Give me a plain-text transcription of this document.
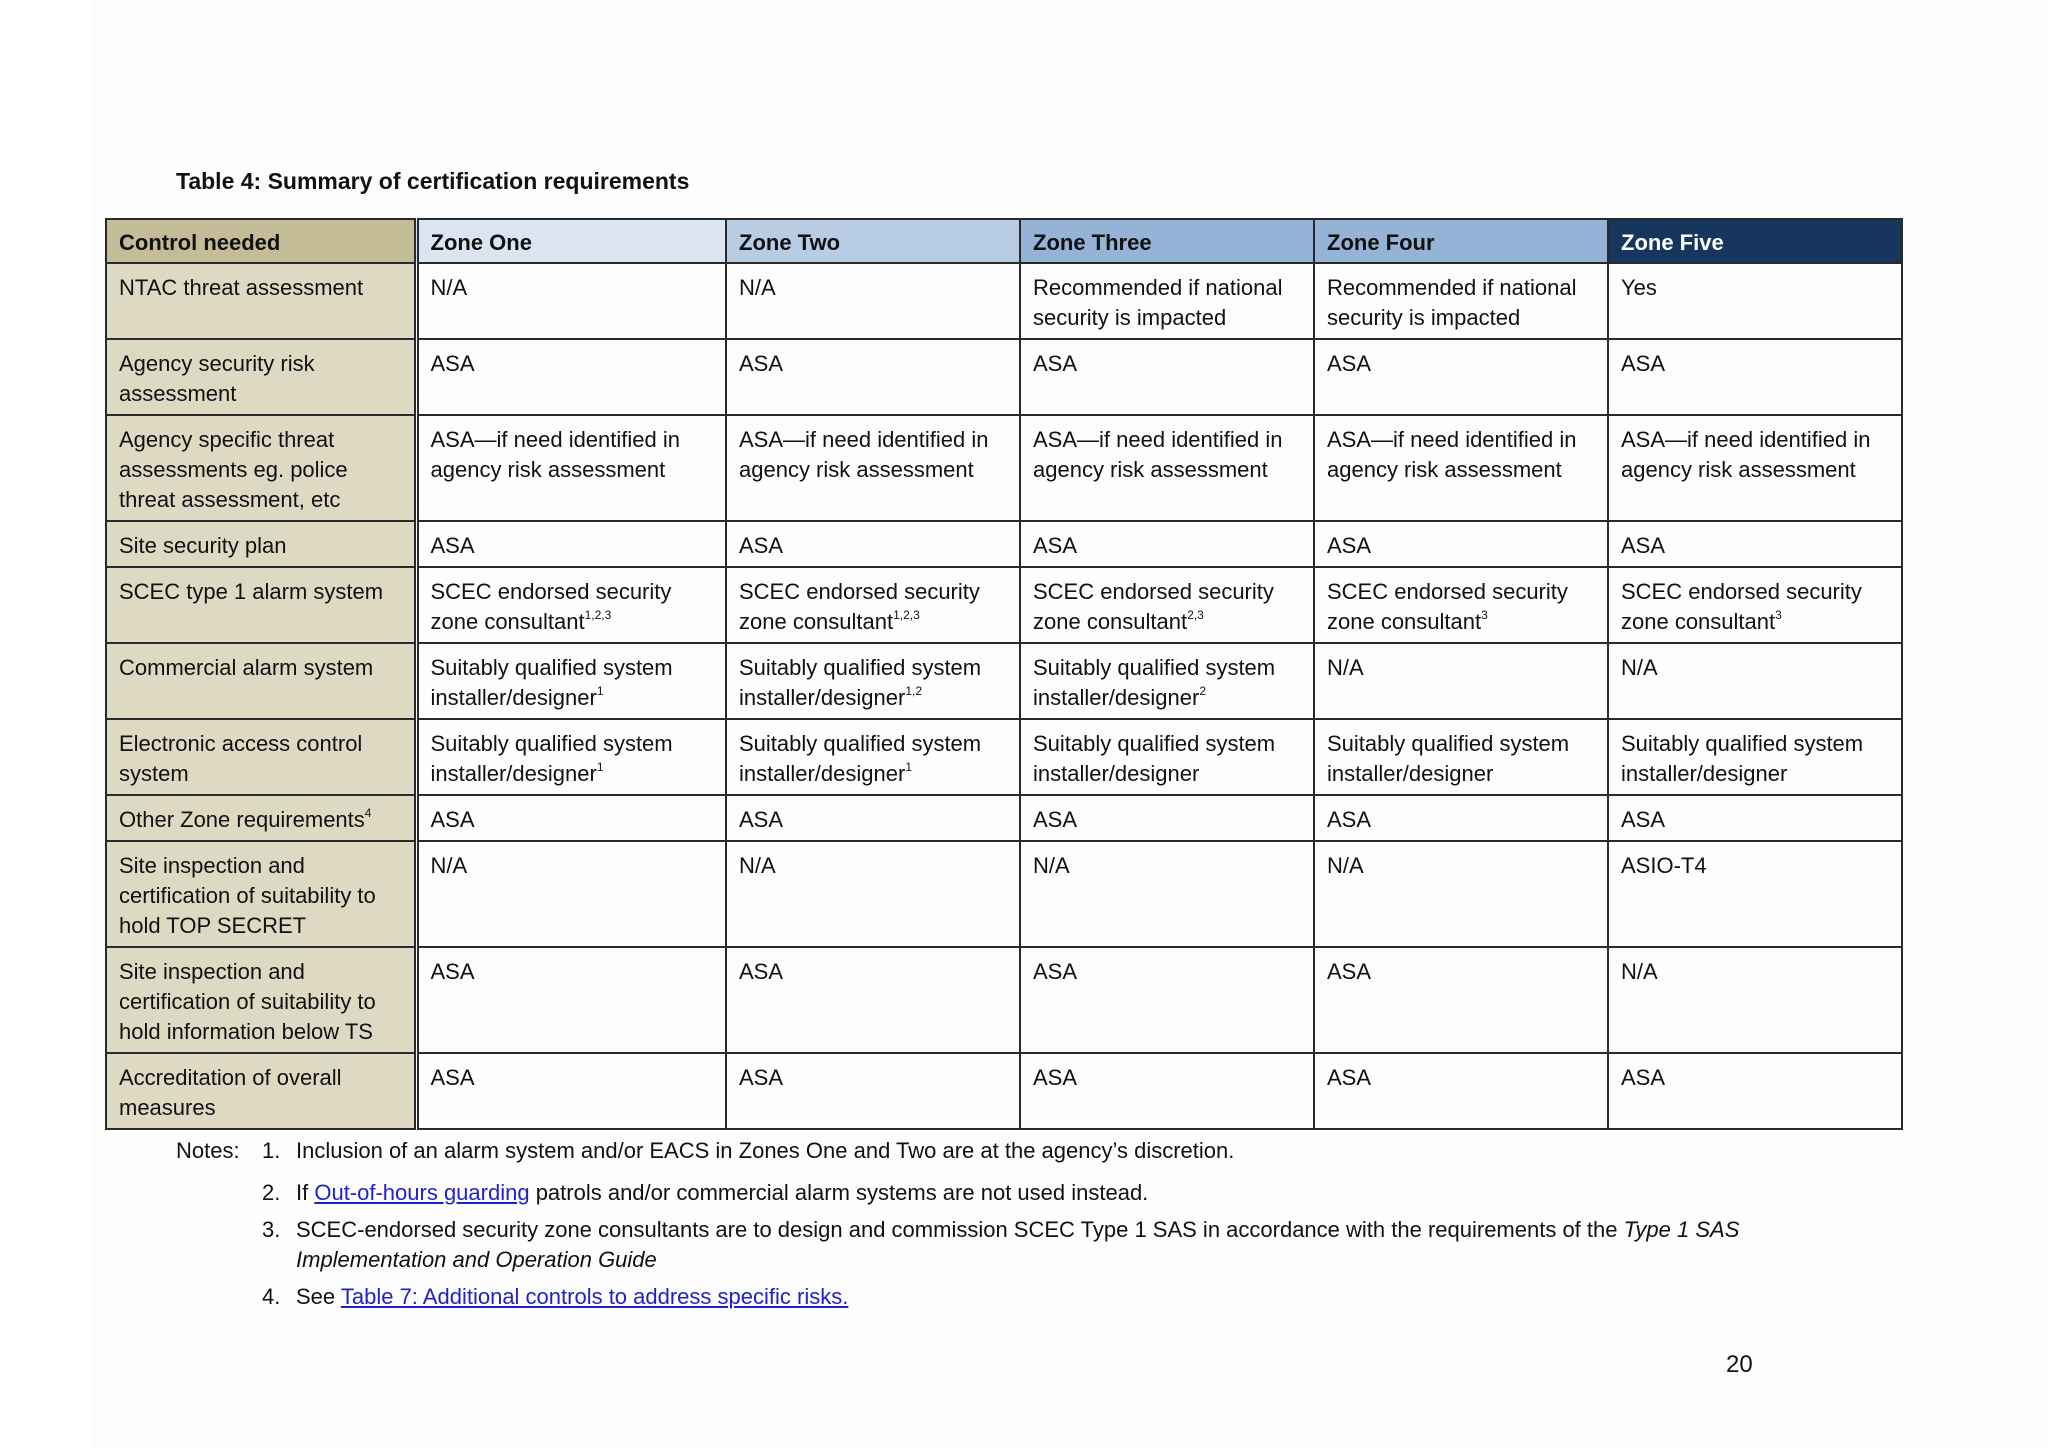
Table 4: Summary of certification requirements
Control needed	Zone One	Zone Two	Zone Three	Zone Four	Zone Five
NTAC threat assessment	N/A	N/A	Recommended if national security is impacted	Recommended if national security is impacted	Yes
Agency security risk assessment	ASA	ASA	ASA	ASA	ASA
Agency specific threat assessments eg. police threat assessment, etc	ASA—if need identified in agency risk assessment	ASA—if need identified in agency risk assessment	ASA—if need identified in agency risk assessment	ASA—if need identified in agency risk assessment	ASA—if need identified in agency risk assessment
Site security plan	ASA	ASA	ASA	ASA	ASA
SCEC type 1 alarm system	SCEC endorsed security zone consultant$^{1,2,3}$	SCEC endorsed security zone consultant$^{1,2,3}$	SCEC endorsed security zone consultant$^{2,3}$	SCEC endorsed security zone consultant$^3$	SCEC endorsed security zone consultant$^3$
Commercial alarm system	Suitably qualified system installer/designer$^1$	Suitably qualified system installer/designer$^{1,2}$	Suitably qualified system installer/designer$^2$	N/A	N/A
Electronic access control system	Suitably qualified system installer/designer$^1$	Suitably qualified system installer/designer$^1$	Suitably qualified system installer/designer	Suitably qualified system installer/designer	Suitably qualified system installer/designer
Other Zone requirements$^4$	ASA	ASA	ASA	ASA	ASA
Site inspection and certification of suitability to hold TOP SECRET	N/A	N/A	N/A	N/A	ASIO-T4
Site inspection and certification of suitability to hold information below TS	ASA	ASA	ASA	ASA	N/A
Accreditation of overall measures	ASA	ASA	ASA	ASA	ASA
Notes: 1. Inclusion of an alarm system and/or EACS in Zones One and Two are at the agency’s discretion.
2. If Out-of-hours guarding patrols and/or commercial alarm systems are not used instead.
3. SCEC-endorsed security zone consultants are to design and commission SCEC Type 1 SAS in accordance with the requirements of the Type 1 SAS Implementation and Operation Guide
4. See Table 7: Additional controls to address specific risks.
20
